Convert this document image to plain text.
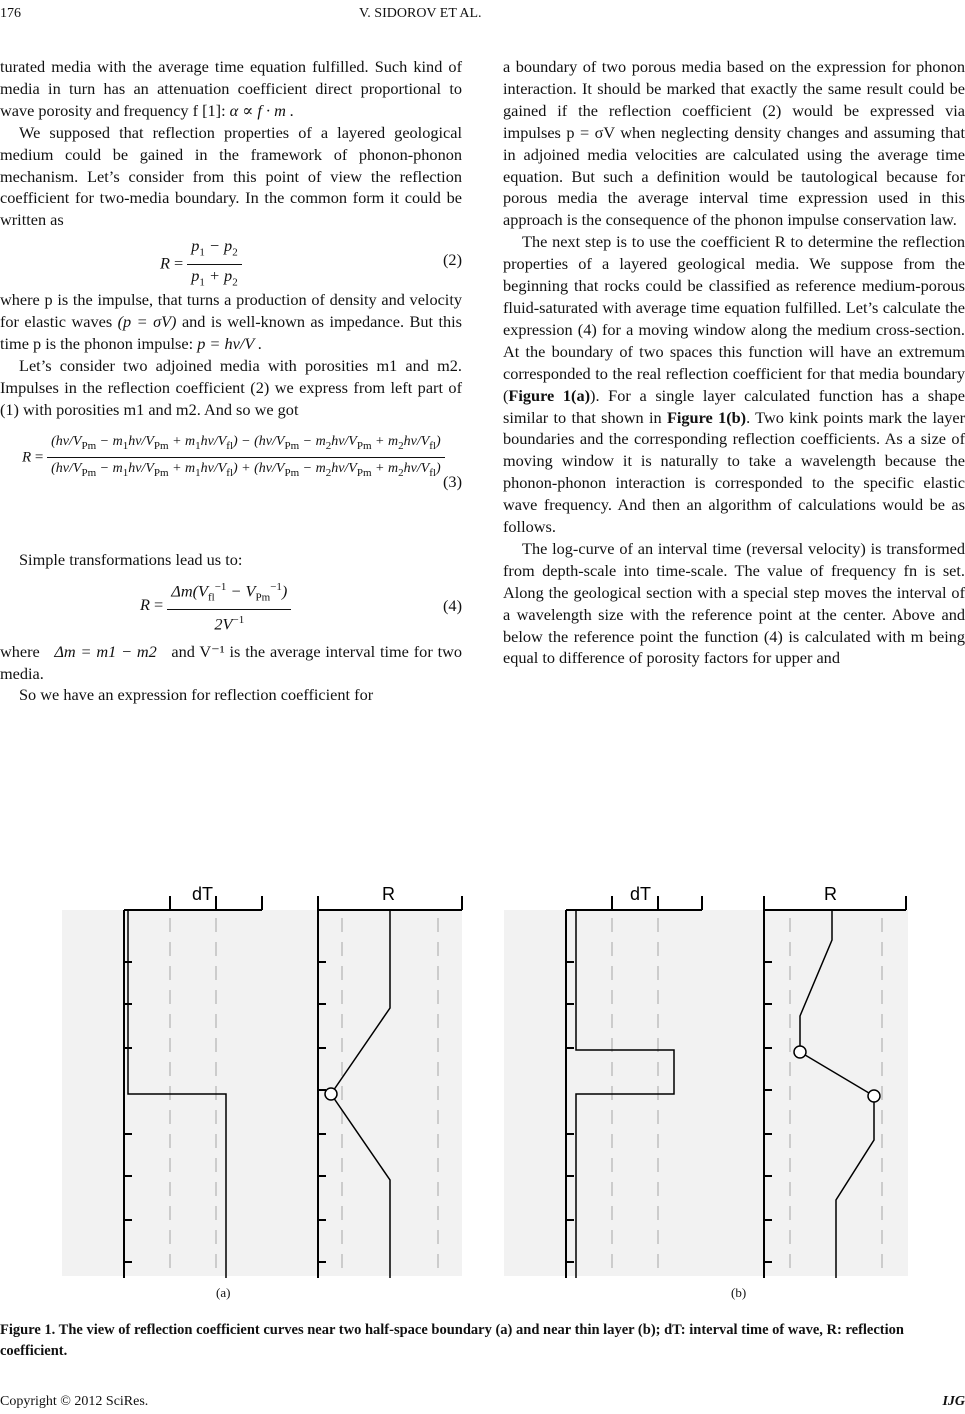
176	V. SIDOROV ET AL.

turated media with the average time equation fulfilled. Such kind of media in turn has an attenuation coefficient direct proportional to wave porosity and frequency f [1]: α ∝ f · m .

We supposed that reflection properties of a layered geological medium could be gained in the framework of phonon-phonon mechanism. Let’s consider from this point of view the reflection coefficient for two-media boundary. In the common form it could be written as

$R = \frac{p_1 - p_2}{p_1 + p_2}$	(2)

where p is the impulse, that turns a production of density and velocity for elastic waves (p = σV) and is well-known as impedance. But this time p is the phonon impulse: p = hν/V .

Let’s consider two adjoined media with porosities m1 and m2. Impulses in the reflection coefficient (2) we express from left part of (1) with porosities m1 and m2. And so we got

R =
$(h\nu/V_{Pm} - m_1h\nu/V_{Pm} + m_1h\nu/V_{fl}) - (h\nu/V_{Pm} - m_2h\nu/V_{Pm} + m_2h\nu/V_{fl})$
$(h\nu/V_{Pm} - m_1h\nu/V_{Pm} + m_1h\nu/V_{fl}) + (h\nu/V_{Pm} - m_2h\nu/V_{Pm} + m_2h\nu/V_{fl})$
(3)

Simple transformations lead us to:

$R = \frac{\Delta m(V_{fl}^{-1} - V_{Pm}^{-1})}{2V^{-1}}$	(4)

where Δm = m1 − m2 and V⁻¹ is the average interval time for two media.

So we have an expression for reflection coefficient for

a boundary of two porous media based on the expression for phonon interaction. It should be marked that exactly the same result could be gained if the reflection coefficient (2) would be expressed via impulses p = σV when neglecting density changes and assuming that in adjoined media velocities are calculated using the average time equation. But such a definition would be tautological because for porous media the average interval time expression used in this approach is the consequence of the phonon impulse conservation law.

The next step is to use the coefficient R to determine the reflection properties of a layered geological media. We suppose from the beginning that rocks could be classified as reference medium-porous fluid-saturated with average time equation fulfilled. Let’s calculate the expression (4) for a moving window along the medium cross-section. At the boundary of two spaces this function will have an extremum corresponded to the real reflection coefficient for that media boundary (Figure 1(a)). For a single layer calculated function has a shape similar to that shown in Figure 1(b). Two kink points mark the layer boundaries and the corresponding reflection coefficients. As a size of moving window it is naturally to take a wavelength because the phonon-phonon interaction is corresponded to the specific elastic wave frequency. And then an algorithm of calculations would be as follows.

The log-curve of an interval time (reversal velocity) is transformed from depth-scale into time-scale. The value of frequency fn is set. Along the geological section with a special step moves the interval of a wavelength size with the reference point at the center. Above and below the reference point the function (4) is calculated with m being equal to difference of porosity factors for upper and

dT	R	dT	R
(a)	(b)
Figure 1. The view of reflection coefficient curves near two half-space boundary (a) and near thin layer (b); dT: interval time of wave, R: reflection coefficient.
Copyright © 2012 SciRes.	IJG
